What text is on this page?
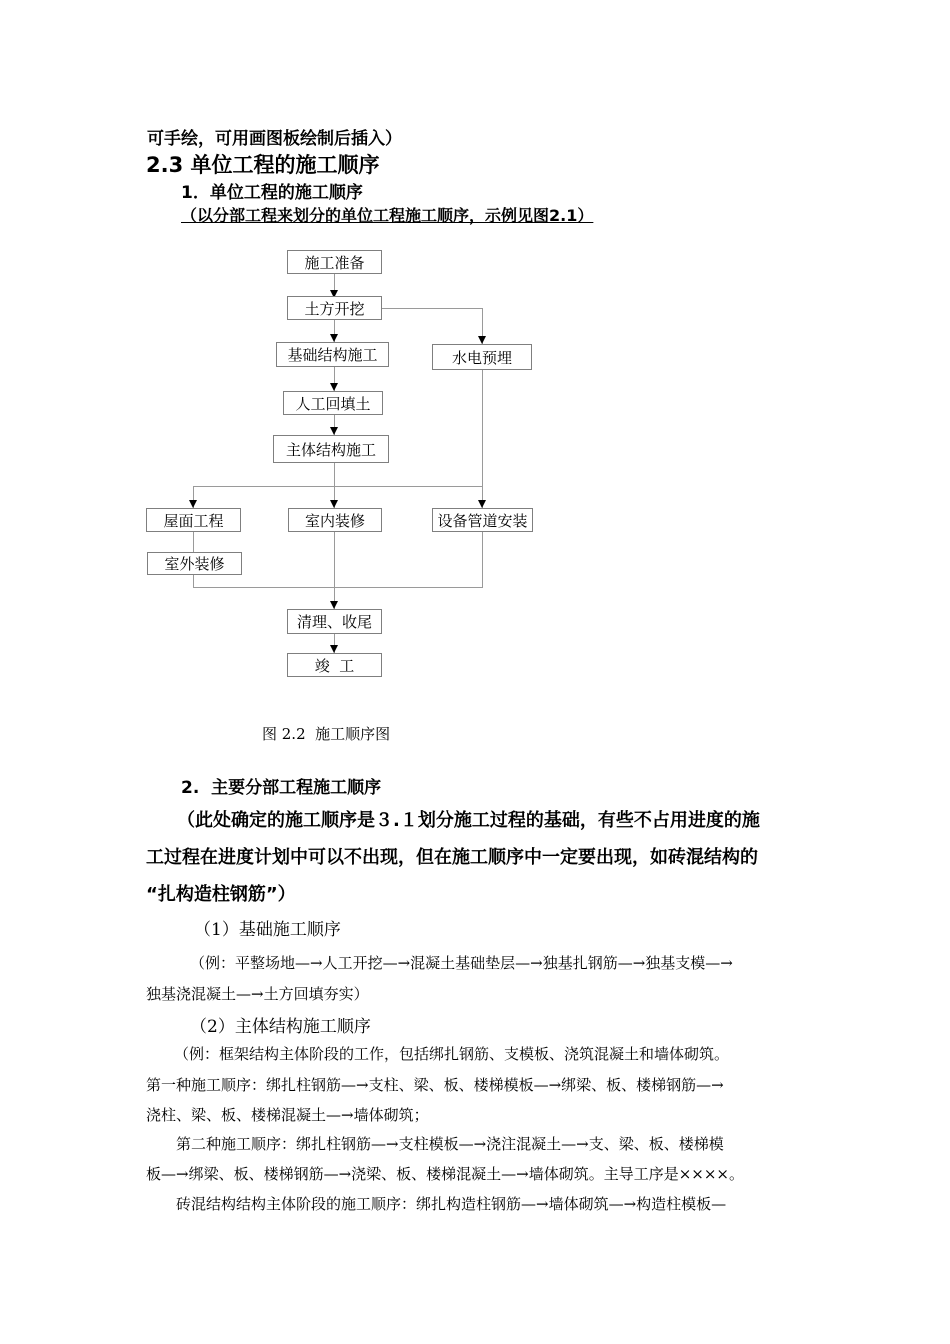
可手绘，可用画图板绘制后插入）
2.3 单位工程的施工顺序
1．单位工程的施工顺序
（以分部工程来划分的单位工程施工顺序，示例见图2.1）
施工准备
土方开挖
基础结构施工	水电预埋
人工回填土
主体结构施工
屋面工程	室内装修	设备管道安装
室外装修
清理、收尾
竣  工
图 2.2  施工顺序图
2.  主要分部工程施工顺序
（此处确定的施工顺序是３.１划分施工过程的基础，有些不占用进度的施
工过程在进度计划中可以不出现，但在施工顺序中一定要出现，如砖混结构的
“扎构造柱钢筋”）
（1）基础施工顺序
（例：平整场地—→人工开挖—→混凝土基础垫层—→独基扎钢筋—→独基支模—→
独基浇混凝土—→土方回填夯实）
（2）主体结构施工顺序
（例：框架结构主体阶段的工作，包括绑扎钢筋、支模板、浇筑混凝土和墙体砌筑。
第一种施工顺序：绑扎柱钢筋—→支柱、梁、板、楼梯模板—→绑梁、板、楼梯钢筋—→
浇柱、梁、板、楼梯混凝土—→墙体砌筑；
第二种施工顺序：绑扎柱钢筋—→支柱模板—→浇注混凝土—→支、梁、板、楼梯模
板—→绑梁、板、楼梯钢筋—→浇梁、板、楼梯混凝土—→墙体砌筑。主导工序是××××。
砖混结构结构主体阶段的施工顺序：绑扎构造柱钢筋—→墙体砌筑—→构造柱模板—
